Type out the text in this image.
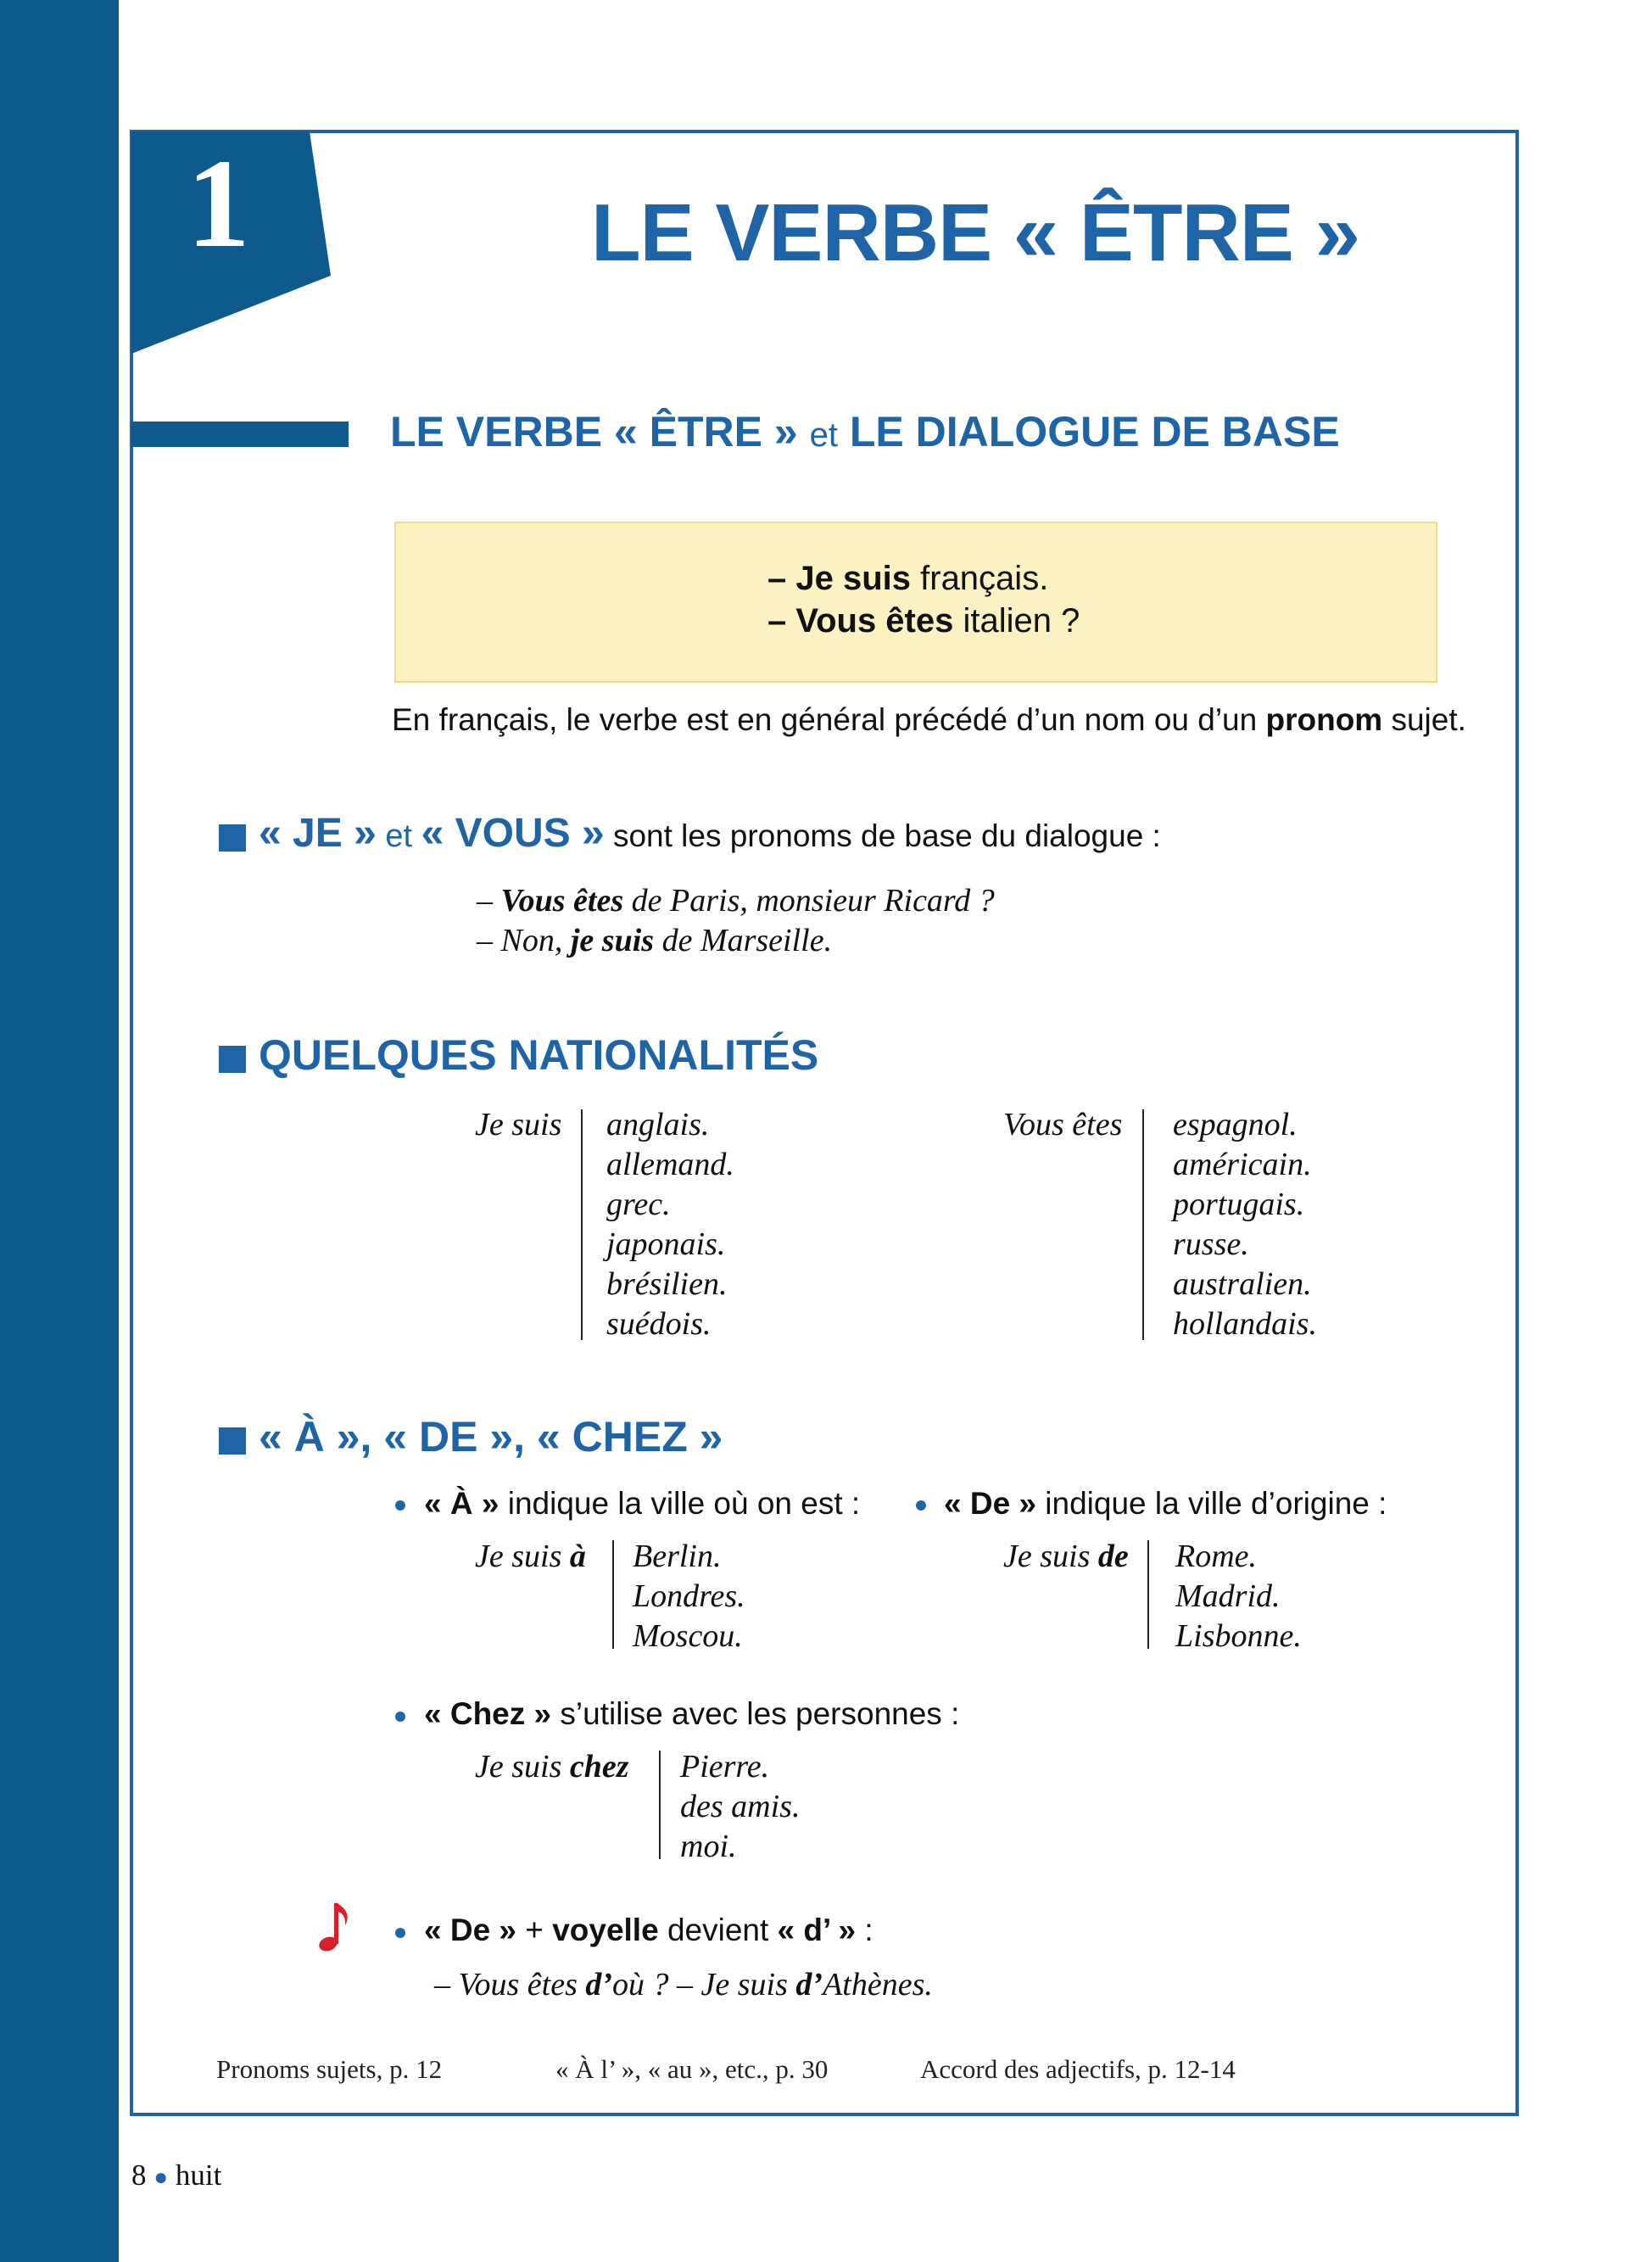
1	LE VERBE « ÊTRE »
LE VERBE « ÊTRE » et LE DIALOGUE DE BASE
– Je suis français.
– Vous êtes italien ?
En français, le verbe est en général précédé d’un nom ou d’un pronom sujet.
« JE » et « VOUS » sont les pronoms de base du dialogue :
– Vous êtes de Paris, monsieur Ricard ?
– Non, je suis de Marseille.
QUELQUES NATIONALITÉS
Je suis anglais.
allemand.
grec.
japonais.
brésilien.
suédois.
Vous êtes espagnol.
américain.
portugais.
russe.
australien.
hollandais.
« À », « DE », « CHEZ »
« À » indique la ville où on est :
Je suis à Berlin.
Londres.
Moscou.
« De » indique la ville d’origine :
Je suis de Rome.
Madrid.
Lisbonne.
« Chez » s’utilise avec les personnes :
Je suis chez Pierre.
des amis.
moi.
« De » + voyelle devient « d’ » :
– Vous êtes d’où ? – Je suis d’Athènes.
Pronoms sujets, p. 12	« À l’ », « au », etc., p. 30	Accord des adjectifs, p. 12-14
8 ● huit
